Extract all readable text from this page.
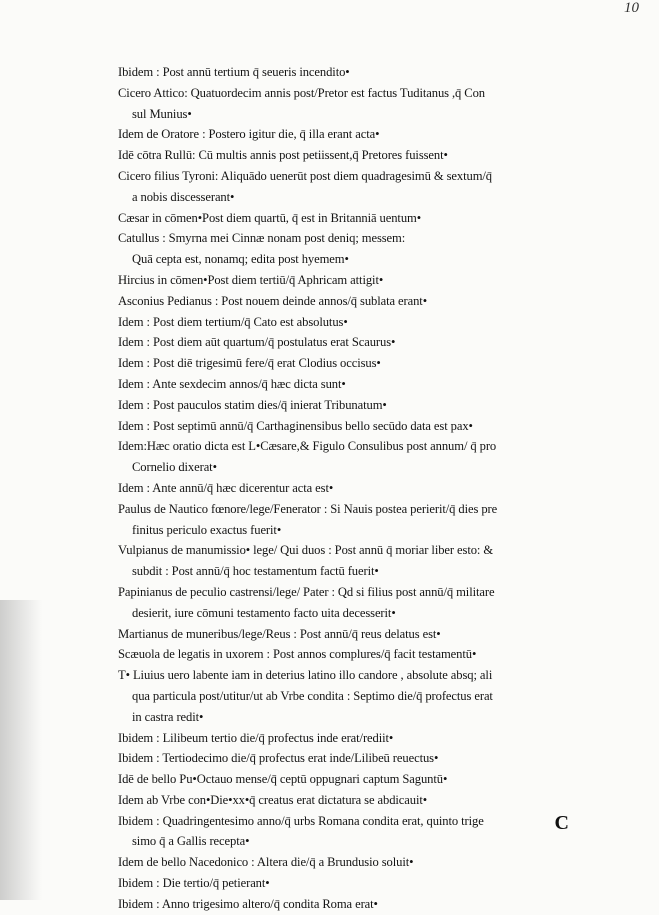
10
Ibidem : Post annū tertium q̄ seueris incendito•
Cicero Attico: Quatuordecim annis post/Pretor est factus Tuditanus ,q̄ Con
sul Munius•
Idem de Oratore : Postero igitur die, q̄ illa erant acta•
Idē cōtra Rullū: Cū multis annis post petiissent,q̄ Pretores fuissent•
Cicero filius Tyroni: Aliquādo uenerūt post diem quadragesimū & sextum/q̄
a nobis discesserant•
Cæsar in cōmen•Post diem quartū, q̄ est in Britanniā uentum•
Catullus : Smyrna mei Cinnæ nonam post deniq; messem:
Quā cepta est, nonamq; edita post hyemem•
Hircius in cōmen•Post diem tertiū/q̄ Aphricam attigit•
Asconius Pedianus : Post nouem deinde annos/q̄ sublata erant•
Idem : Post diem tertium/q̄ Cato est absolutus•
Idem : Post diem aūt quartum/q̄ postulatus erat Scaurus•
Idem : Post diē trigesimū fere/q̄ erat Clodius occisus•
Idem : Ante sexdecim annos/q̄ hæc dicta sunt•
Idem : Post pauculos statim dies/q̄ inierat Tribunatum•
Idem : Post septimū annū/q̄ Carthaginensibus bello secūdo data est pax•
Idem:Hæc oratio dicta est L•Cæsare,& Figulo Consulibus post annum/ q̄ pro
Cornelio dixerat•
Idem : Ante annū/q̄ hæc dicerentur acta est•
Paulus de Nautico fœnore/lege/Fenerator : Si Nauis postea perierit/q̄ dies pre
finitus periculo exactus fuerit•
Vulpianus de manumissio• lege/ Qui duos : Post annū q̄ moriar liber esto: &
subdit : Post annū/q̄ hoc testamentum factū fuerit•
Papinianus de peculio castrensi/lege/ Pater : Qd si filius post annū/q̄ militare
desierit, iure cōmuni testamento facto uita decesserit•
Martianus de muneribus/lege/Reus : Post annū/q̄ reus delatus est•
Scæuola de legatis in uxorem : Post annos complures/q̄ facit testamentū•
T• Liuius uero labente iam in deterius latino illo candore , absolute absq; ali
qua particula post/utitur/ut ab Vrbe condita : Septimo die/q̄ profectus erat
in castra redit•
Ibidem : Lilibeum tertio die/q̄ profectus inde erat/rediit•
Ibidem : Tertiodecimo die/q̄ profectus erat inde/Lilibeū reuectus•
Idē de bello Pu•Octauo mense/q̄ ceptū oppugnari captum Saguntū•
Idem ab Vrbe con•Die•xx•q̄ creatus erat dictatura se abdicauit•
Ibidem : Quadringentesimo anno/q̄ urbs Romana condita erat, quinto trige
simo q̄ a Gallis recepta•
Idem de bello Nacedonico : Altera die/q̄ a Brundusio soluit•
Ibidem : Die tertio/q̄ petierant•
Ibidem : Anno trigesimo altero/q̄ condita Roma erat•
C
